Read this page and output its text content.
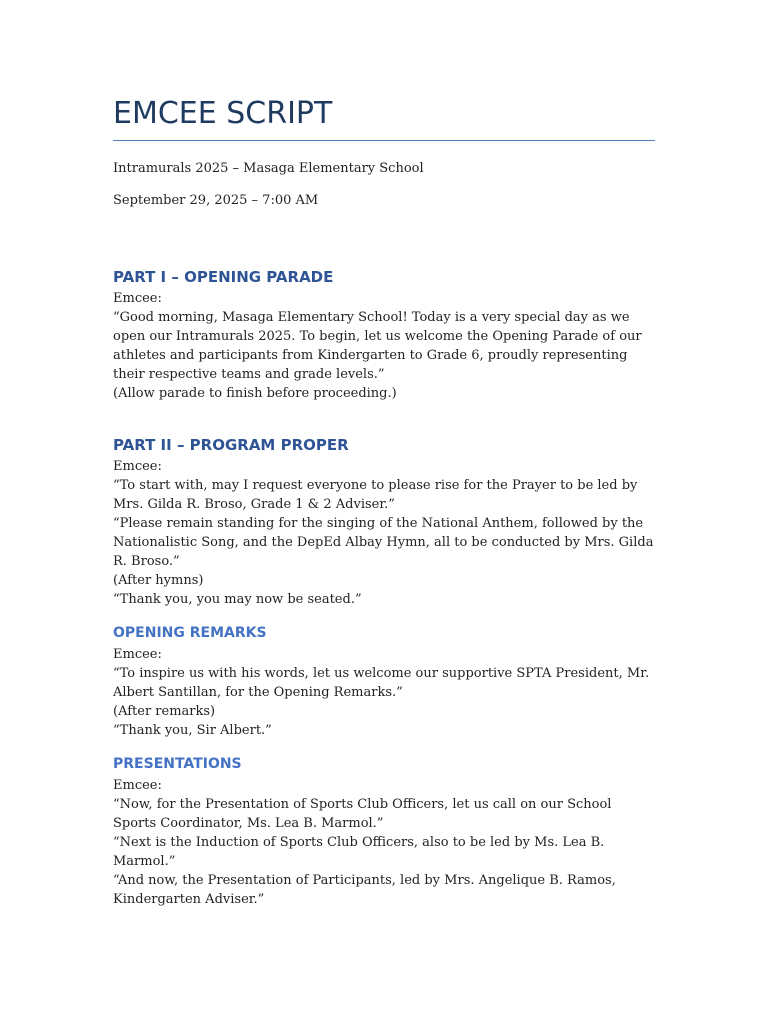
EMCEE SCRIPT

Intramurals 2025 – Masaga Elementary School

September 29, 2025 – 7:00 AM

PART I – OPENING PARADE

Emcee:

“Good morning, Masaga Elementary School! Today is a very special day as we open our Intramurals 2025. To begin, let us welcome the Opening Parade of our athletes and participants from Kindergarten to Grade 6, proudly representing their respective teams and grade levels.”

(Allow parade to finish before proceeding.)

PART II – PROGRAM PROPER

Emcee:

“To start with, may I request everyone to please rise for the Prayer to be led by Mrs. Gilda R. Broso, Grade 1 & 2 Adviser.”

“Please remain standing for the singing of the National Anthem, followed by the Nationalistic Song, and the DepEd Albay Hymn, all to be conducted by Mrs. Gilda R. Broso.”

(After hymns)

“Thank you, you may now be seated.”

OPENING REMARKS

Emcee:

“To inspire us with his words, let us welcome our supportive SPTA President, Mr. Albert Santillan, for the Opening Remarks.”

(After remarks)

“Thank you, Sir Albert.”

PRESENTATIONS

Emcee:

“Now, for the Presentation of Sports Club Officers, let us call on our School Sports Coordinator, Ms. Lea B. Marmol.”

“Next is the Induction of Sports Club Officers, also to be led by Ms. Lea B. Marmol.”

“And now, the Presentation of Participants, led by Mrs. Angelique B. Ramos, Kindergarten Adviser.”
